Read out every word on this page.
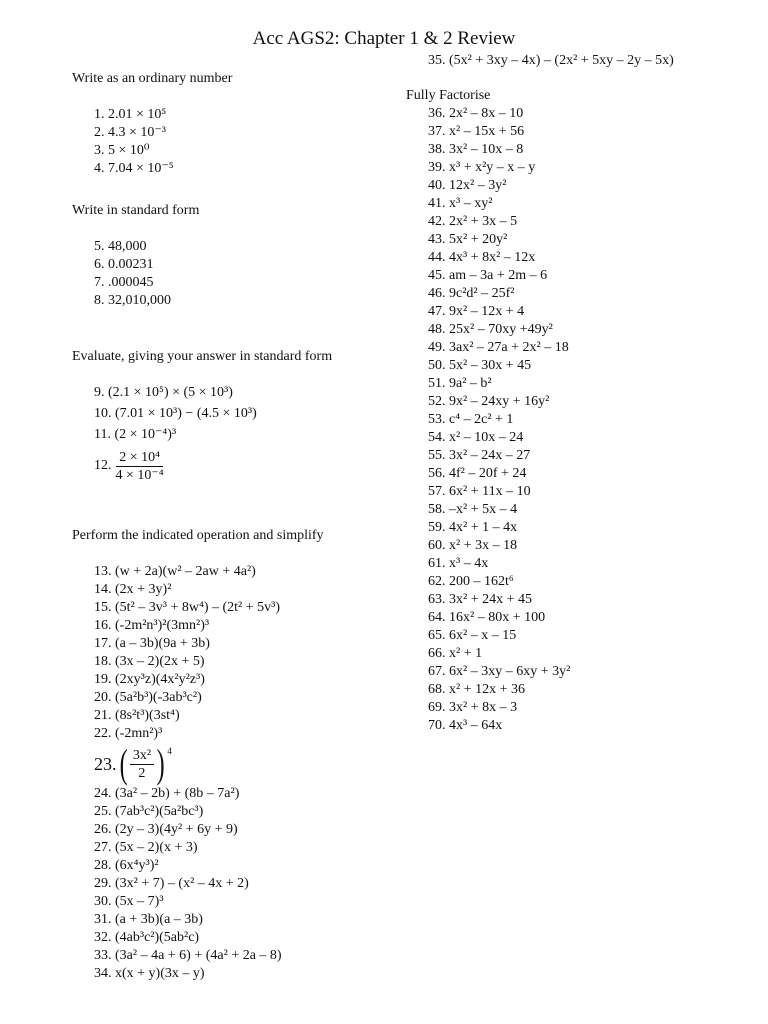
Acc AGS2: Chapter 1 & 2 Review
Write as an ordinary number
1. 2.01 × 10⁵
2. 4.3 × 10⁻³
3. 5 × 10⁰
4. 7.04 × 10⁻⁵
Write in standard form
5. 48,000
6. 0.00231
7. .000045
8. 32,010,000
Evaluate, giving your answer in standard form
9. (2.1 × 10⁵) × (5 × 10³)
10. (7.01 × 10³) − (4.5 × 10³)
11. (2 × 10⁻⁴)³
12. $\frac{\text{2 × 10⁴}}{\text{4 × 10⁻⁴}}$
Perform the indicated operation and simplify
13. (w + 2a)(w² – 2aw + 4a²)
14. (2x + 3y)²
15. (5t² – 3v³ + 8w⁴) – (2t² + 5v³)
16. (-2m²n³)²(3mn²)³
17. (a – 3b)(9a + 3b)
18. (3x – 2)(2x + 5)
19. (2xy³z)(4x²y²z³)
20. (5a²b³)(-3ab³c²)
21. (8s²t³)(3st⁴)
22. (-2mn²)³
23. ( $\frac{\text{3x²}}{2}$ ) 4
24. (3a² – 2b) + (8b – 7a²)
25. (7ab³c²)(5a²bc³)
26. (2y – 3)(4y² + 6y + 9)
27. (5x – 2)(x + 3)
28. (6x⁴y³)²
29. (3x² + 7) – (x² – 4x + 2)
30. (5x – 7)³
31. (a + 3b)(a – 3b)
32. (4ab³c²)(5ab²c)
33. (3a² – 4a + 6) + (4a² + 2a – 8)
34. x(x + y)(3x – y)
35. (5x² + 3xy – 4x) – (2x² + 5xy – 2y – 5x)
Fully Factorise
36. 2x² – 8x – 10
37. x² – 15x + 56
38. 3x² – 10x – 8
39. x³ + x²y – x – y
40. 12x² – 3y²
41. x³ – xy²
42. 2x² + 3x – 5
43. 5x² + 20y²
44. 4x³ + 8x² – 12x
45. am – 3a + 2m – 6
46. 9c²d² – 25f²
47. 9x² – 12x + 4
48. 25x² – 70xy +49y²
49. 3ax² – 27a + 2x² – 18
50. 5x² – 30x + 45
51. 9a² – b²
52. 9x² – 24xy + 16y²
53. c⁴ – 2c² + 1
54. x² – 10x – 24
55. 3x² – 24x – 27
56. 4f² – 20f + 24
57. 6x² + 11x – 10
58. –x² + 5x – 4
59. 4x² + 1 – 4x
60. x² + 3x – 18
61. x³ – 4x
62. 200 – 162t⁶
63. 3x² + 24x + 45
64. 16x² – 80x + 100
65. 6x² – x – 15
66. x² + 1
67. 6x² – 3xy – 6xy + 3y²
68. x² + 12x + 36
69. 3x² + 8x – 3
70. 4x³ – 64x
